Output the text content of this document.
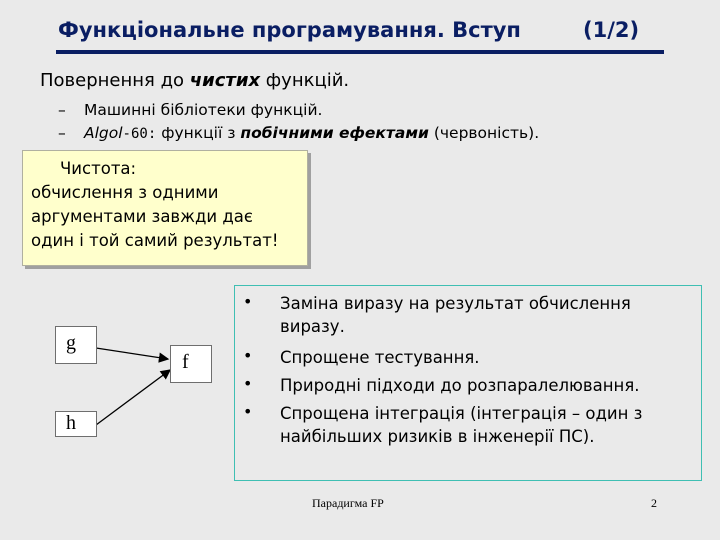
Функціональне програмування. Вступ	(1/2)
Повернення до чистих функцій.
– Машинні бібліотеки функцій.
– Algol-60: функції з побічними ефектами (червоність).
Чистота:
обчислення з одними
аргументами завжди дає
один і той самий результат!
g
h
f
• Заміна виразу на результат обчислення
виразу.
• Спрощене тестування.
• Природні підходи до розпаралелювання.
• Спрощена інтеграція (інтеграція – один з
найбільших ризиків в інженерії ПС).
Парадигма FP	2
